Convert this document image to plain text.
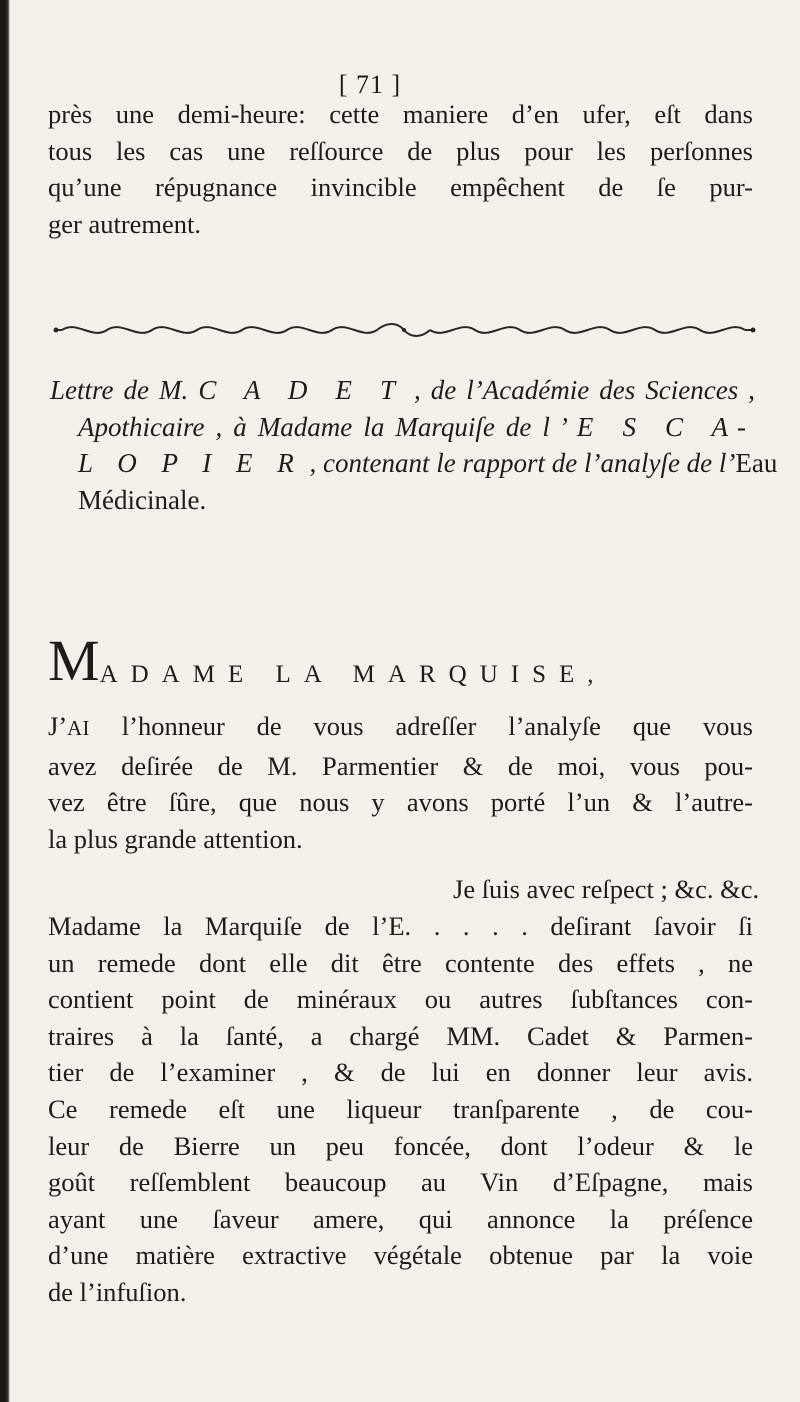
[ 71 ]
près une demi-heure: cette maniere d’en ufer, eſt dans
tous les cas une reſſource de plus pour les perſonnes
qu’une répugnance invincible empêchent de ſe pur-
ger autrement.
Lettre de M. C A D E T , de l’Académie des Sciences ,
Apothicaire , à Madame la Marquiſe de l’E S C A-
L O P I E R , contenant le rapport de l’analyſe de l’Eau
Médicinale.
MADAME LA MARQUISE,
J’AI l’honneur de vous adreſſer l’analyſe que vous
avez deſirée de M. Parmentier & de moi, vous pou-
vez être ſûre, que nous y avons porté l’un & l’autre-
la plus grande attention.
Je ſuis avec reſpect ; &c. &c.
Madame la Marquiſe de l’E. . . . . deſirant ſavoir ſi
un remede dont elle dit être contente des effets , ne
contient point de minéraux ou autres ſubſtances con-
traires à la ſanté, a chargé MM. Cadet & Parmen-
tier de l’examiner , & de lui en donner leur avis.
Ce remede eſt une liqueur tranſparente , de cou-
leur de Bierre un peu foncée, dont l’odeur & le
goût reſſemblent beaucoup au Vin d’Eſpagne, mais
ayant une ſaveur amere, qui annonce la préſence
d’une matière extractive végétale obtenue par la voie
de l’infuſion.
